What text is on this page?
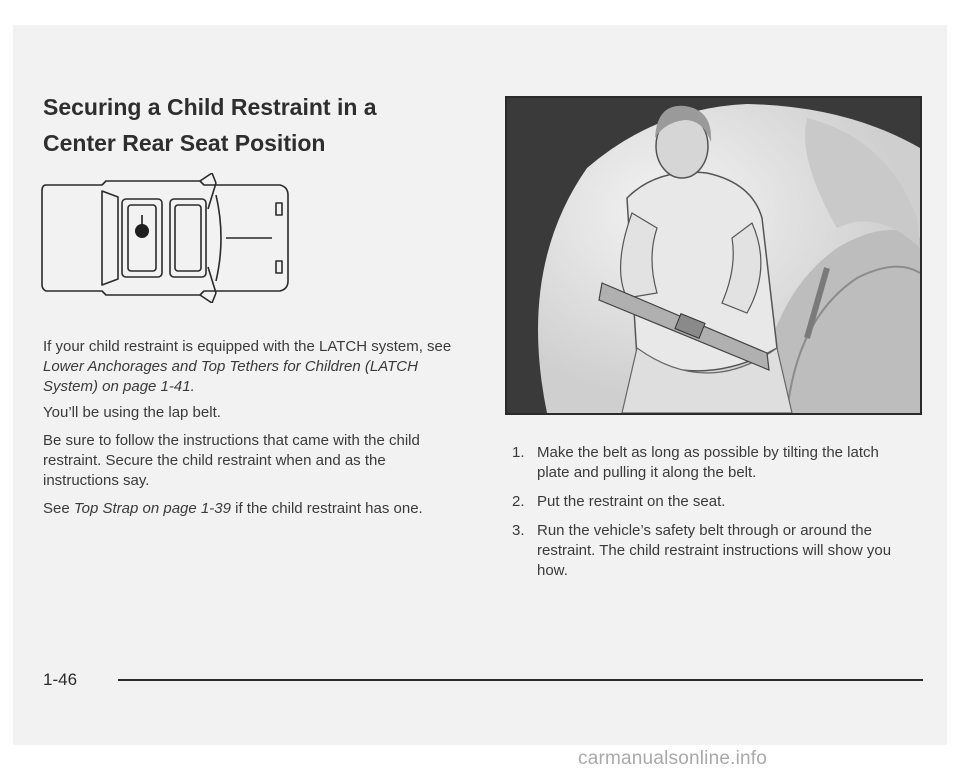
Securing a Child Restraint in a
Center Rear Seat Position

If your child restraint is equipped with the LATCH system, see Lower Anchorages and Top Tethers for Children (LATCH System) on page 1-41.

You’ll be using the lap belt.

Be sure to follow the instructions that came with the child restraint. Secure the child restraint when and as the instructions say.

See Top Strap on page 1-39 if the child restraint has one.

1. Make the belt as long as possible by tilting the latch plate and pulling it along the belt.
2. Put the restraint on the seat.
3. Run the vehicle’s safety belt through or around the restraint. The child restraint instructions will show you how.
1-46
carmanualsonline.info
